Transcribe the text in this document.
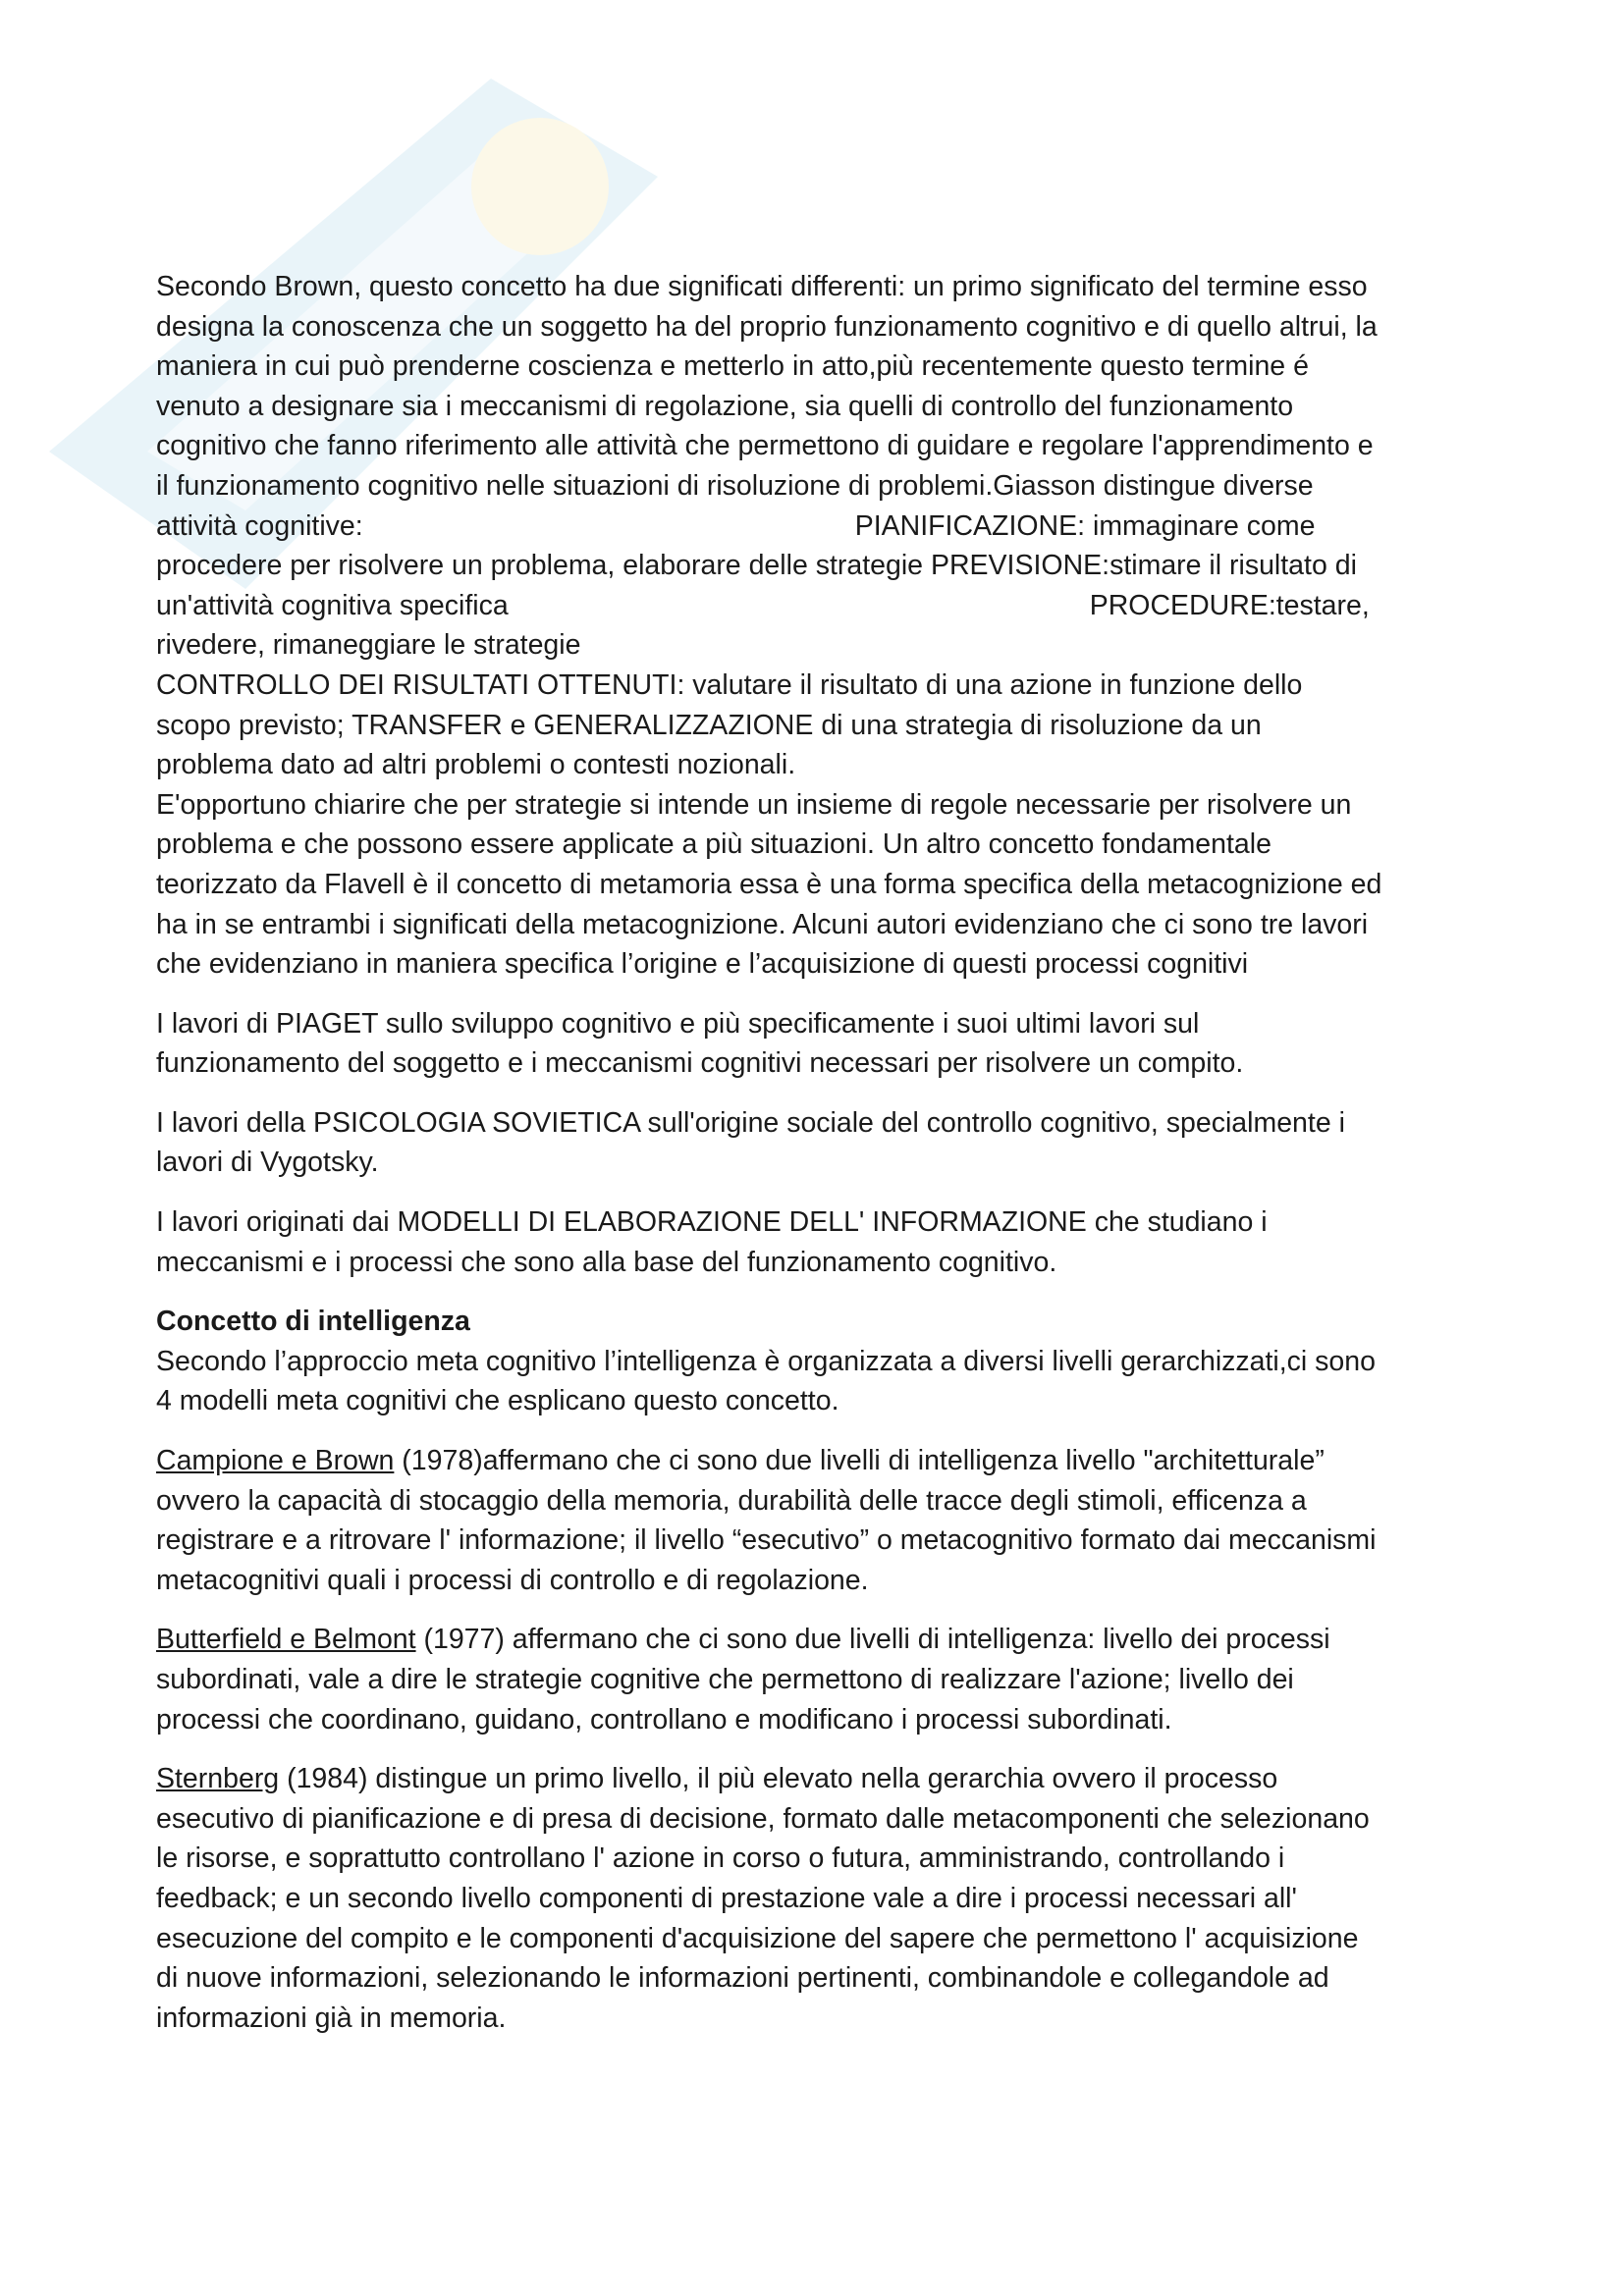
Secondo Brown, questo concetto ha due significati differenti: un primo significato del termine esso

designa la conoscenza che un soggetto ha del proprio funzionamento cognitivo e di quello altrui, la

maniera in cui può prenderne coscienza e metterlo in atto,più recentemente questo termine é

venuto a designare sia i meccanismi di regolazione, sia quelli di controllo del funzionamento

cognitivo che fanno riferimento alle attività che permettono di guidare e regolare l'apprendimento e

il funzionamento cognitivo nelle situazioni di risoluzione di problemi.Giasson distingue diverse

attività cognitive:	PIANIFICAZIONE: immaginare come

procedere per risolvere un problema, elaborare delle strategie PREVISIONE:stimare il risultato di

un'attività cognitiva specifica	PROCEDURE:testare,

rivedere, rimaneggiare le strategie

CONTROLLO DEI RISULTATI OTTENUTI: valutare il risultato di una azione in funzione dello

scopo previsto; TRANSFER e GENERALIZZAZIONE di una strategia di risoluzione da un

problema dato ad altri problemi o contesti nozionali.

E'opportuno chiarire che per strategie si intende un insieme di regole necessarie per risolvere un

problema e che possono essere applicate a più situazioni. Un altro concetto fondamentale

teorizzato da Flavell è il concetto di metamoria essa è una forma specifica della metacognizione ed

ha in se entrambi i significati della metacognizione. Alcuni autori evidenziano che ci sono tre lavori

che evidenziano in maniera specifica l’origine e l’acquisizione di questi processi cognitivi

I lavori di PIAGET sullo sviluppo cognitivo e più specificamente i suoi ultimi lavori sul

funzionamento del soggetto e i meccanismi cognitivi necessari per risolvere un compito.

I lavori della PSICOLOGIA SOVIETICA sull'origine sociale del controllo cognitivo, specialmente i

lavori di Vygotsky.

I lavori originati dai MODELLI DI ELABORAZIONE DELL' INFORMAZIONE che studiano i

meccanismi e i processi che sono alla base del funzionamento cognitivo.

Concetto di intelligenza

Secondo l’approccio meta cognitivo l’intelligenza è organizzata a diversi livelli gerarchizzati,ci sono

4 modelli meta cognitivi che esplicano questo concetto.

Campione e Brown (1978)affermano che ci sono due livelli di intelligenza livello "architetturale”

ovvero la capacità di stocaggio della memoria, durabilità delle tracce degli stimoli, efficenza a

registrare e a ritrovare l' informazione; il livello “esecutivo” o metacognitivo formato dai meccanismi

metacognitivi quali i processi di controllo e di regolazione.

Butterfield e Belmont (1977) affermano che ci sono due livelli di intelligenza: livello dei processi

subordinati, vale a dire le strategie cognitive che permettono di realizzare l'azione; livello dei

processi che coordinano, guidano, controllano e modificano i processi subordinati.

Sternberg (1984) distingue un primo livello, il più elevato nella gerarchia ovvero il processo

esecutivo di pianificazione e di presa di decisione, formato dalle metacomponenti che selezionano

le risorse, e soprattutto controllano l' azione in corso o futura, amministrando, controllando i

feedback; e un secondo livello componenti di prestazione vale a dire i processi necessari all'

esecuzione del compito e le componenti d'acquisizione del sapere che permettono l' acquisizione

di nuove informazioni, selezionando le informazioni pertinenti, combinandole e collegandole ad

informazioni già in memoria.
